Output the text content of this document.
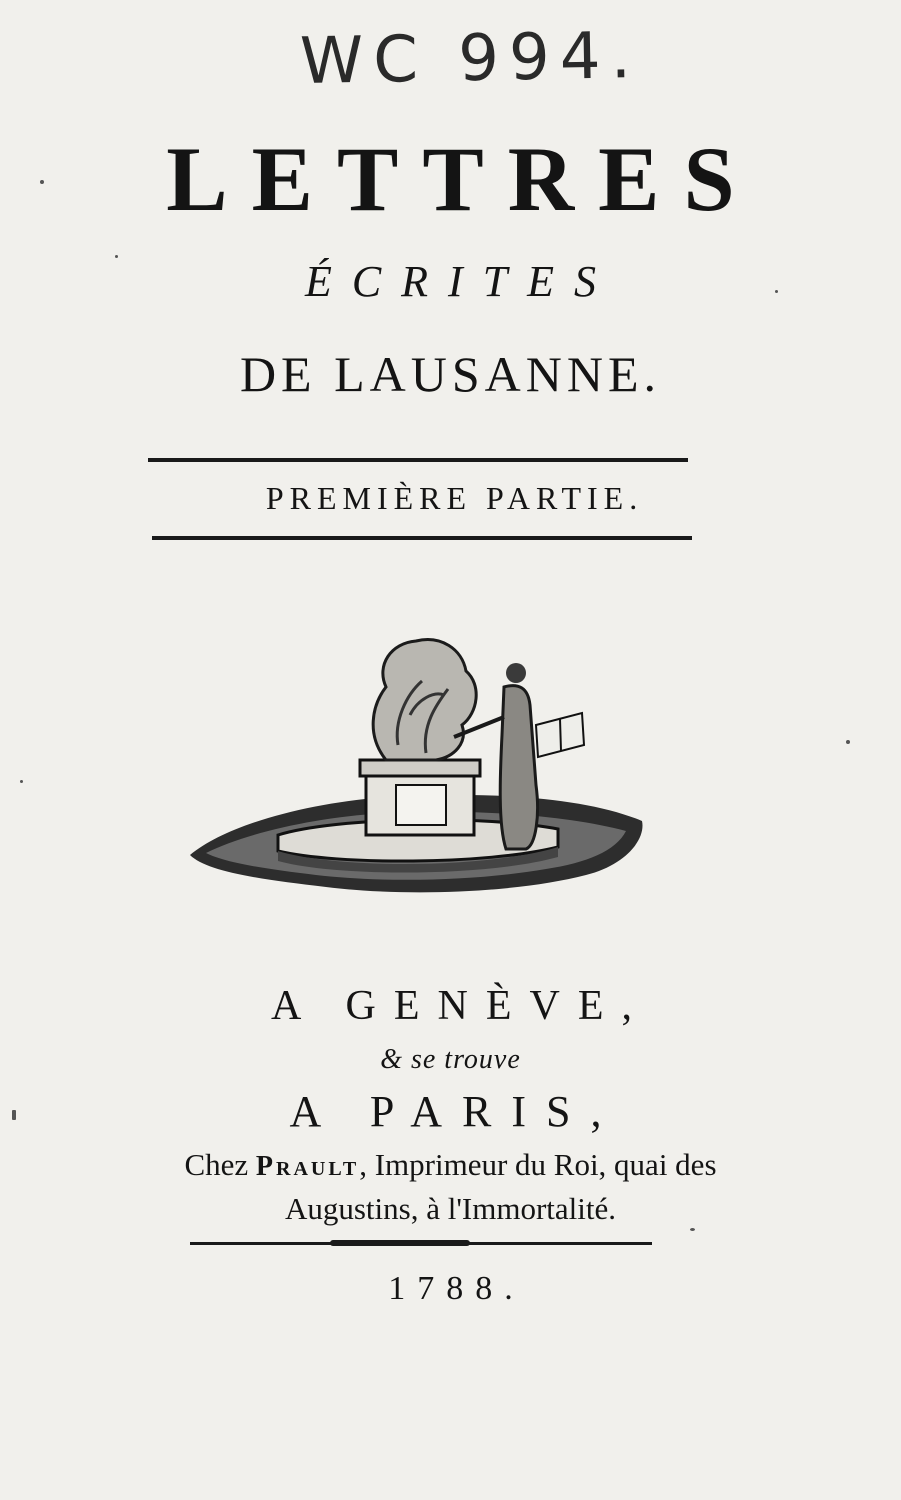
WC 994.
LETTRES
ÉCRITES
DE LAUSANNE.
PREMIÈRE PARTIE.
A GENÈVE,
& se trouve
A PARIS,
Chez Prault, Imprimeur du Roi, quai des
Augustins, à l'Immortalité.
1788.
